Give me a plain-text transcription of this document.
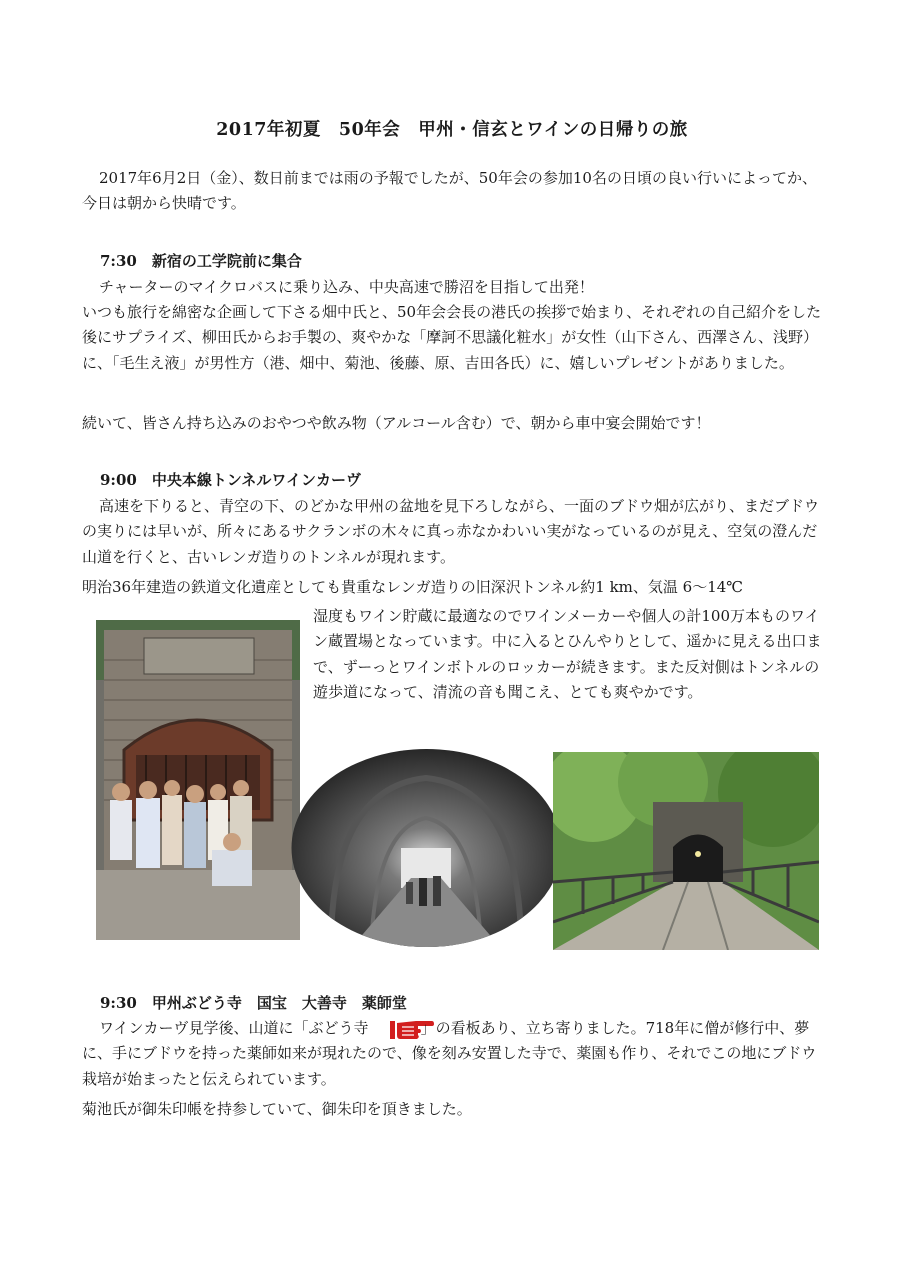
2017年初夏　50年会　甲州・信玄とワインの日帰りの旅

2017年6月2日（金）、数日前までは雨の予報でしたが、50年会の参加10名の日頃の良い行いによってか、今日は朝から快晴です。

7:30　新宿の工学院前に集合

チャーターのマイクロバスに乗り込み、中央高速で勝沼を目指して出発！

いつも旅行を綿密な企画して下さる畑中氏と、50年会会長の港氏の挨拶で始まり、それぞれの自己紹介をした後にサプライズ、柳田氏からお手製の、爽やかな「摩訶不思議化粧水」が女性（山下さん、西澤さん、浅野）に、「毛生え液」が男性方（港、畑中、菊池、後藤、原、吉田各氏）に、嬉しいプレゼントがありました。

続いて、皆さん持ち込みのおやつや飲み物（アルコール含む）で、朝から車中宴会開始です！

9:00　中央本線トンネルワインカーヴ

高速を下りると、青空の下、のどかな甲州の盆地を見下ろしながら、一面のブドウ畑が広がり、まだブドウの実りには早いが、所々にあるサクランボの木々に真っ赤なかわいい実がなっているのが見え、空気の澄んだ山道を行くと、古いレンガ造りのトンネルが現れます。

明治36年建造の鉄道文化遺産としても貴重なレンガ造りの旧深沢トンネル約1 km、気温 6～14℃

湿度もワイン貯蔵に最適なのでワインメーカーや個人の計100万本ものワイン蔵置場となっています。中に入るとひんやりとして、遥かに見える出口まで、ずーっとワインボトルのロッカーが続きます。また反対側はトンネルの遊歩道になって、清流の音も聞こえ、とても爽やかです。

9:30　甲州ぶどう寺　国宝　大善寺　薬師堂

ワインカーヴ見学後、山道に「ぶどう寺	」の看板あり、立ち寄りました。718年に僧が修行中、夢に、手にブドウを持った薬師如来が現れたので、像を刻み安置した寺で、薬園も作り、それでこの地にブドウ栽培が始まったと伝えられています。

菊池氏が御朱印帳を持参していて、御朱印を頂きました。
